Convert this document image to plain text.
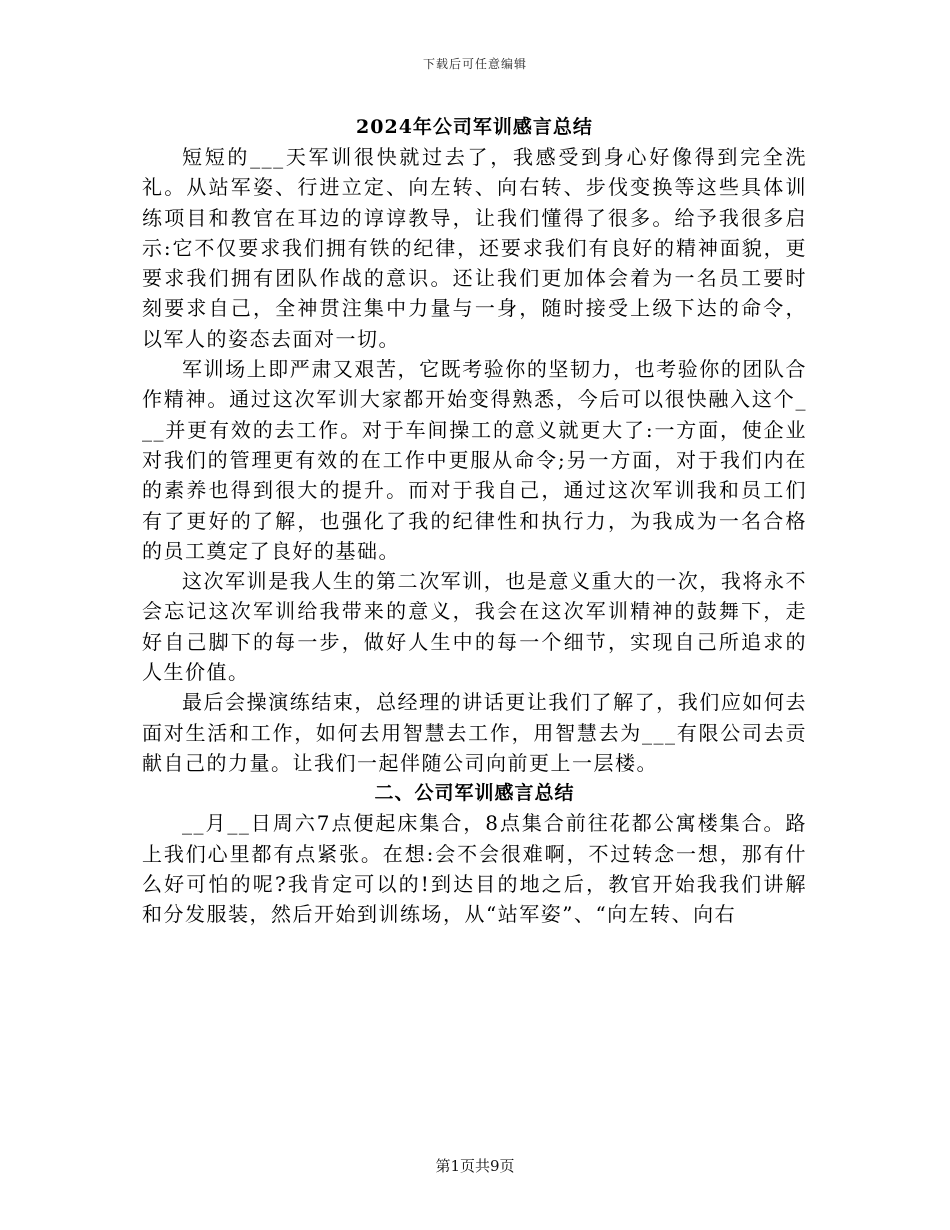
下载后可任意编辑
2024年公司军训感言总结

短短的___天军训很快就过去了，我感受到身心好像得到完全洗礼。从站军姿、行进立定、向左转、向右转、步伐变换等这些具体训练项目和教官在耳边的谆谆教导，让我们懂得了很多。给予我很多启示:它不仅要求我们拥有铁的纪律，还要求我们有良好的精神面貌，更要求我们拥有团队作战的意识。还让我们更加体会着为一名员工要时刻要求自己，全神贯注集中力量与一身，随时接受上级下达的命令，以军人的姿态去面对一切。

军训场上即严肃又艰苦，它既考验你的坚韧力，也考验你的团队合作精神。通过这次军训大家都开始变得熟悉，今后可以很快融入这个___并更有效的去工作。对于车间操工的意义就更大了:一方面，使企业对我们的管理更有效的在工作中更服从命令;另一方面，对于我们内在的素养也得到很大的提升。而对于我自己，通过这次军训我和员工们有了更好的了解，也强化了我的纪律性和执行力，为我成为一名合格的员工奠定了良好的基础。

这次军训是我人生的第二次军训，也是意义重大的一次，我将永不会忘记这次军训给我带来的意义，我会在这次军训精神的鼓舞下，走好自己脚下的每一步，做好人生中的每一个细节，实现自己所追求的人生价值。

最后会操演练结束，总经理的讲话更让我们了解了，我们应如何去面对生活和工作，如何去用智慧去工作，用智慧去为___有限公司去贡献自己的力量。让我们一起伴随公司向前更上一层楼。

二、公司军训感言总结

__月__日周六7点便起床集合，8点集合前往花都公寓楼集合。路上我们心里都有点紧张。在想:会不会很难啊，不过转念一想，那有什么好可怕的呢?我肯定可以的!到达目的地之后，教官开始我我们讲解和分发服装，然后开始到训练场，从“站军姿”、“向左转、向右

第1页共9页
